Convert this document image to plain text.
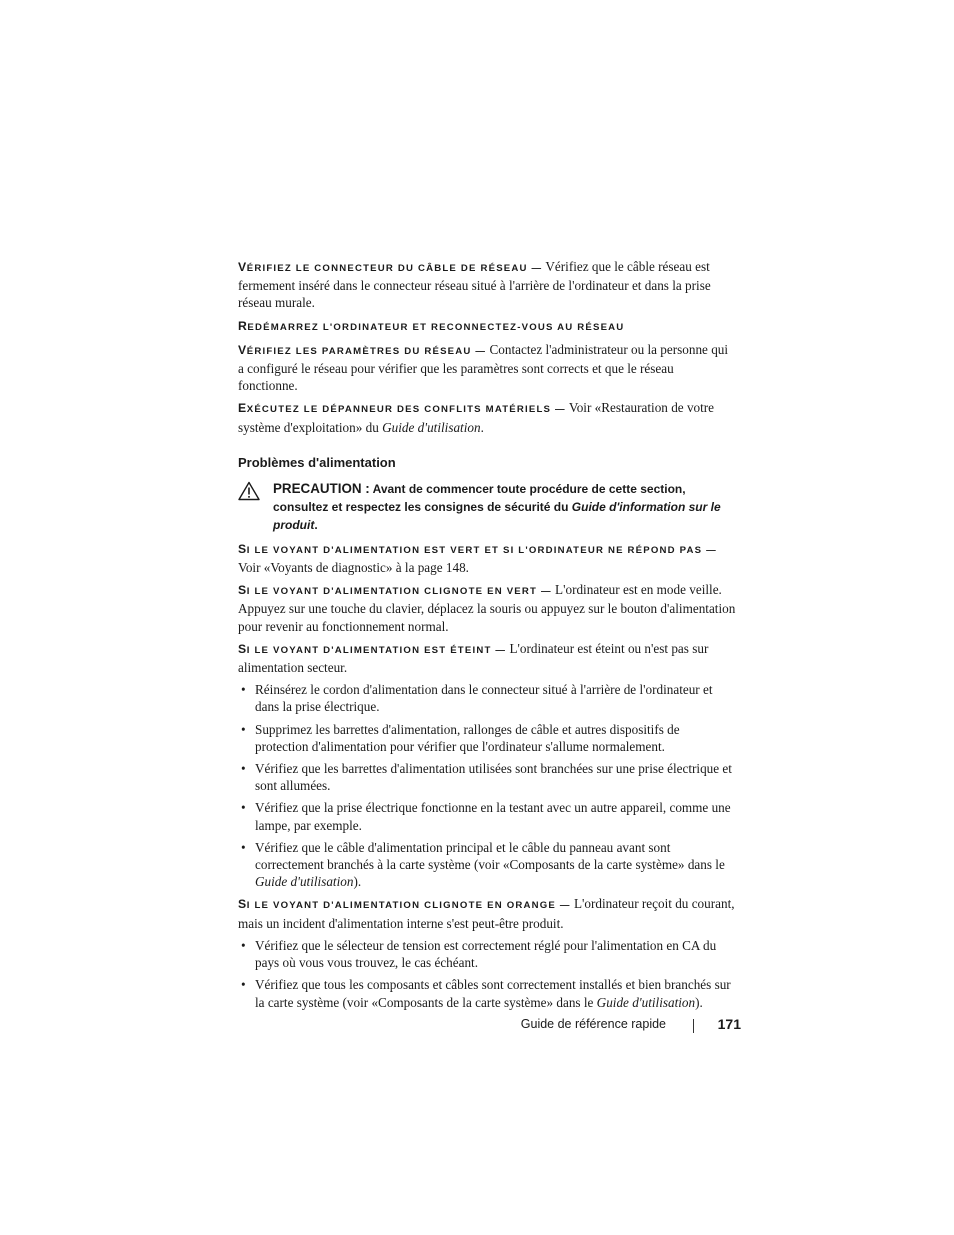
VÉRIFIEZ LE CONNECTEUR DU CÂBLE DE RÉSEAU — Vérifiez que le câble réseau est fermement inséré dans le connecteur réseau situé à l'arrière de l'ordinateur et dans la prise réseau murale.

REDÉMARREZ L'ORDINATEUR ET RECONNECTEZ-VOUS AU RÉSEAU

VÉRIFIEZ LES PARAMÈTRES DU RÉSEAU — Contactez l'administrateur ou la personne qui a configuré le réseau pour vérifier que les paramètres sont corrects et que le réseau fonctionne.

EXÉCUTEZ LE DÉPANNEUR DES CONFLITS MATÉRIELS — Voir «Restauration de votre système d'exploitation» du Guide d'utilisation.

Problèmes d'alimentation
PRECAUTION : Avant de commencer toute procédure de cette section, consultez et respectez les consignes de sécurité du Guide d'information sur le produit.

SI LE VOYANT D'ALIMENTATION EST VERT ET SI L'ORDINATEUR NE RÉPOND PAS — Voir «Voyants de diagnostic» à la page 148.

SI LE VOYANT D'ALIMENTATION CLIGNOTE EN VERT — L'ordinateur est en mode veille. Appuyez sur une touche du clavier, déplacez la souris ou appuyez sur le bouton d'alimentation pour revenir au fonctionnement normal.

SI LE VOYANT D'ALIMENTATION EST ÉTEINT — L'ordinateur est éteint ou n'est pas sur alimentation secteur.

• Réinsérez le cordon d'alimentation dans le connecteur situé à l'arrière de l'ordinateur et dans la prise électrique.
• Supprimez les barrettes d'alimentation, rallonges de câble et autres dispositifs de protection d'alimentation pour vérifier que l'ordinateur s'allume normalement.
• Vérifiez que les barrettes d'alimentation utilisées sont branchées sur une prise électrique et sont allumées.
• Vérifiez que la prise électrique fonctionne en la testant avec un autre appareil, comme une lampe, par exemple.
• Vérifiez que le câble d'alimentation principal et le câble du panneau avant sont correctement branchés à la carte système (voir «Composants de la carte système» dans le Guide d'utilisation).

SI LE VOYANT D'ALIMENTATION CLIGNOTE EN ORANGE — L'ordinateur reçoit du courant, mais un incident d'alimentation interne s'est peut-être produit.

• Vérifiez que le sélecteur de tension est correctement réglé pour l'alimentation en CA du pays où vous vous trouvez, le cas échéant.
• Vérifiez que tous les composants et câbles sont correctement installés et bien branchés sur la carte système (voir «Composants de la carte système» dans le Guide d'utilisation).
Guide de référence rapide	171
